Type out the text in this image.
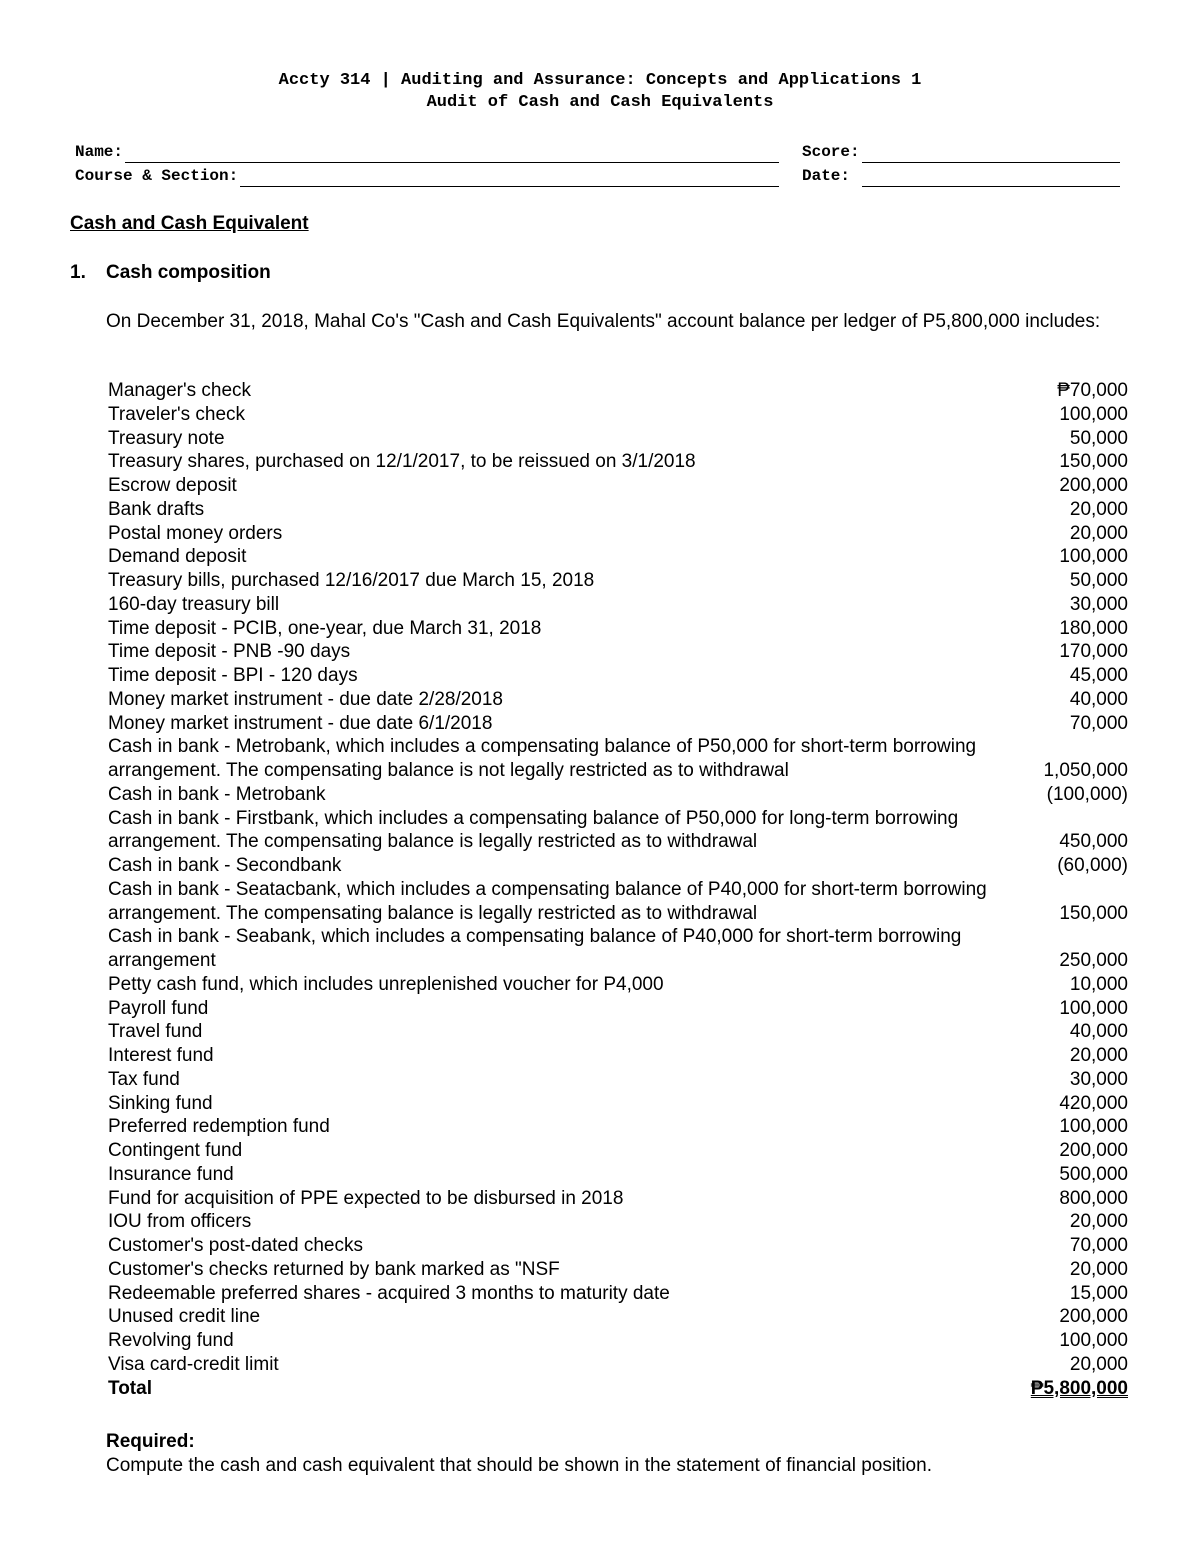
Accty 314 | Auditing and Assurance: Concepts and Applications 1
Audit of Cash and Cash Equivalents
Name:	Score:
Course & Section:	Date:
Cash and Cash Equivalent
1.	Cash composition
On December 31, 2018, Mahal Co's "Cash and Cash Equivalents" account balance per ledger of P5,800,000 includes:
Manager's check	₱70,000
Traveler's check	100,000
Treasury note	50,000
Treasury shares, purchased on 12/1/2017, to be reissued on 3/1/2018	150,000
Escrow deposit	200,000
Bank drafts	20,000
Postal money orders	20,000
Demand deposit	100,000
Treasury bills, purchased 12/16/2017 due March 15, 2018	50,000
160-day treasury bill	30,000
Time deposit - PCIB, one-year, due March 31, 2018	180,000
Time deposit - PNB -90 days	170,000
Time deposit - BPI - 120 days	45,000
Money market instrument - due date 2/28/2018	40,000
Money market instrument - due date 6/1/2018	70,000
Cash in bank - Metrobank, which includes a compensating balance of P50,000 for short-term borrowing arrangement. The compensating balance is not legally restricted as to withdrawal	1,050,000
Cash in bank - Metrobank	(100,000)
Cash in bank - Firstbank, which includes a compensating balance of P50,000 for long-term borrowing arrangement. The compensating balance is legally restricted as to withdrawal	450,000
Cash in bank - Secondbank	(60,000)
Cash in bank - Seatacbank, which includes a compensating balance of P40,000 for short-term borrowing arrangement. The compensating balance is legally restricted as to withdrawal	150,000
Cash in bank - Seabank, which includes a compensating balance of P40,000 for short-term borrowing arrangement	250,000
Petty cash fund, which includes unreplenished voucher for P4,000	10,000
Payroll fund	100,000
Travel fund	40,000
Interest fund	20,000
Tax fund	30,000
Sinking fund	420,000
Preferred redemption fund	100,000
Contingent fund	200,000
Insurance fund	500,000
Fund for acquisition of PPE expected to be disbursed in 2018	800,000
IOU from officers	20,000
Customer's post-dated checks	70,000
Customer's checks returned by bank marked as "NSF	20,000
Redeemable preferred shares - acquired 3 months to maturity date	15,000
Unused credit line	200,000
Revolving fund	100,000
Visa card-credit limit	20,000
Total	₱5,800,000
Required:
Compute the cash and cash equivalent that should be shown in the statement of financial position.
